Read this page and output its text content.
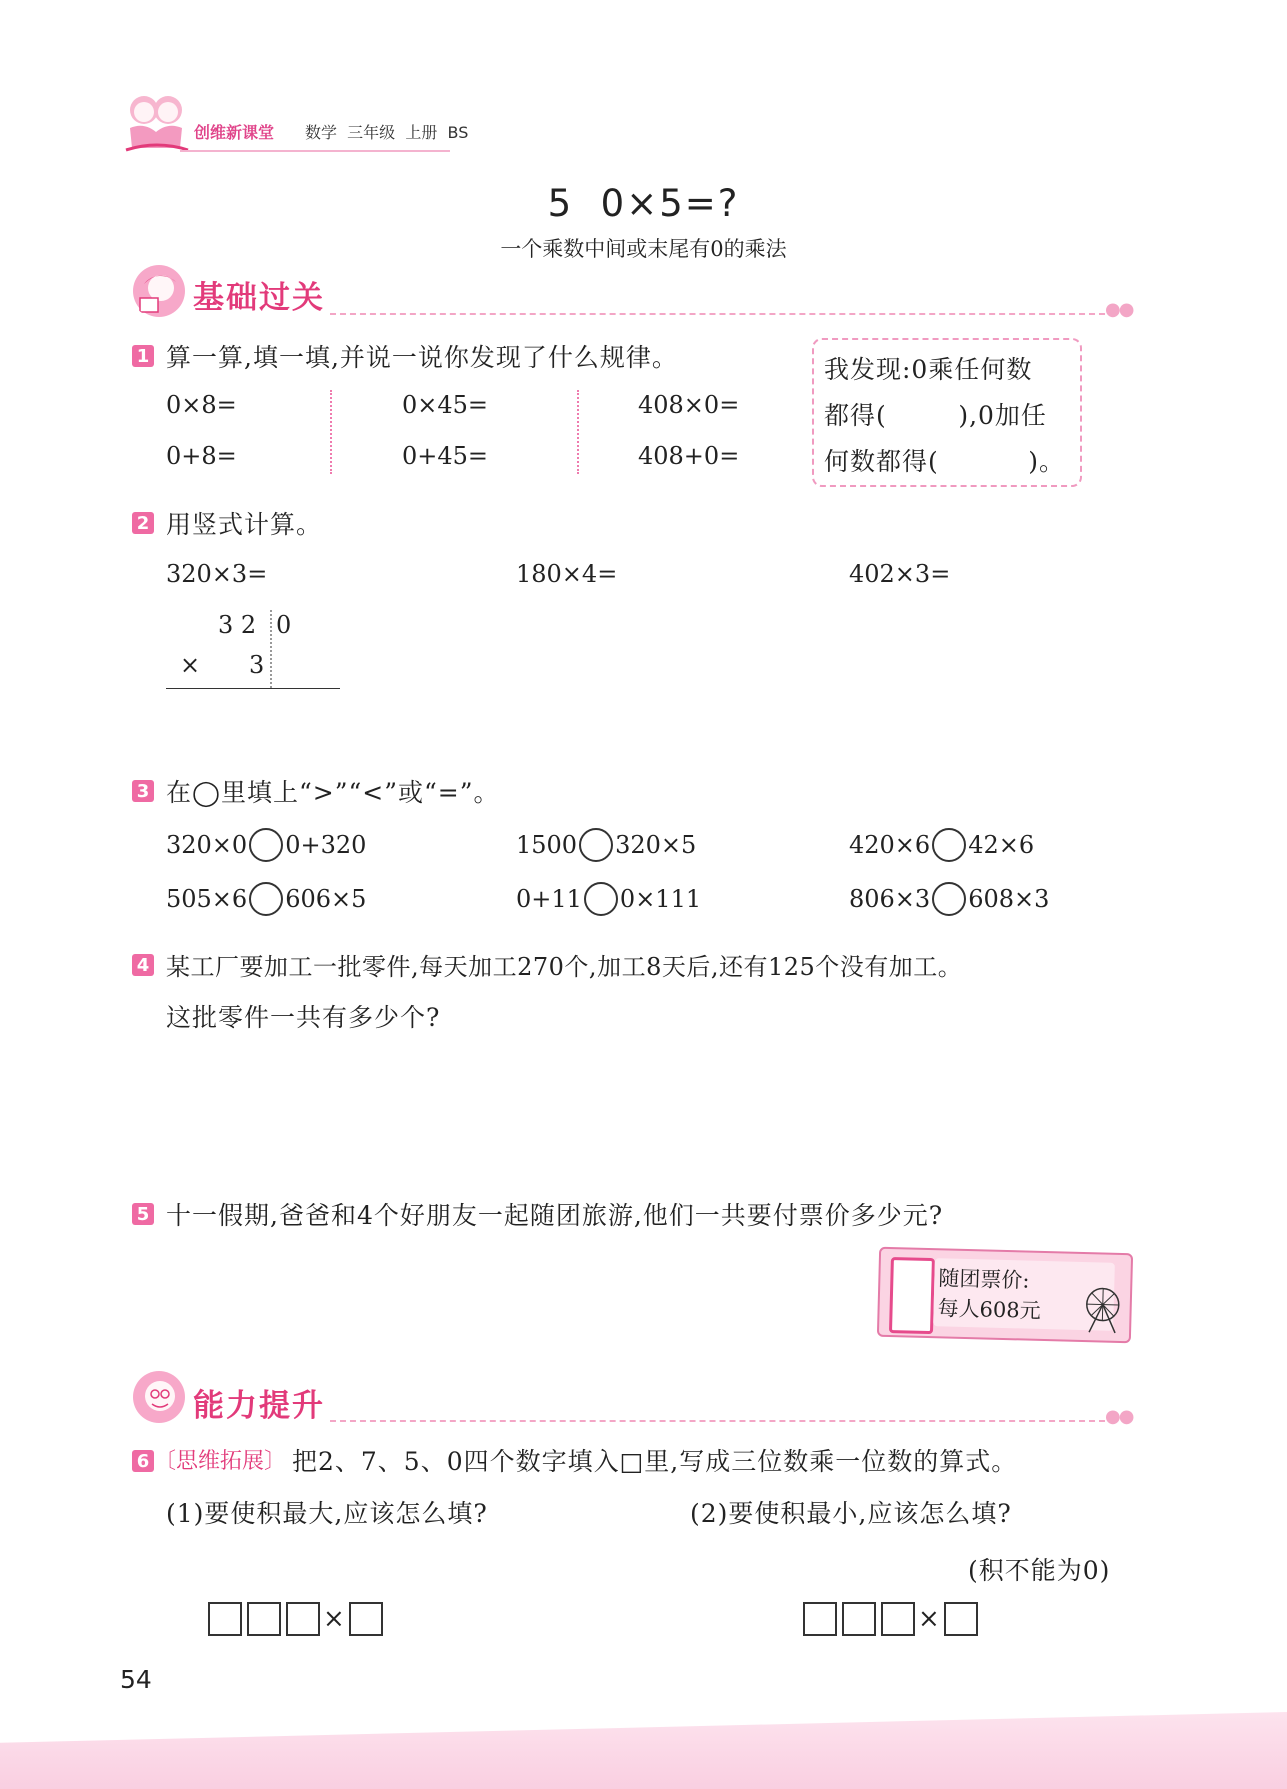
创维新课堂 数学  三年级  上册  BS
5  0×5=?
一个乘数中间或末尾有0的乘法
基础过关	●●
1 算一算,填一填,并说一说你发现了什么规律。
0×8=	0×45=	408×0=
0+8=	0+45=	408+0=
我发现:0乘任何数
都得(        ),0加任
何数都得(          )。
2 用竖式计算。
320×3=	180×4=	402×3=
3 2 0
× 3
3 在◯里填上“>”“<”或“=”。
320×0 0+320	1500 320×5	420×6 42×6
505×6 606×5	0+11 0×111	806×3 608×3
4 某工厂要加工一批零件,每天加工270个,加工8天后,还有125个没有加工。
这批零件一共有多少个?
5 十一假期,爸爸和4个好朋友一起随团旅游,他们一共要付票价多少元?
随团票价:
每人608元
能力提升	●●
6 〔思维拓展〕 把2、7、5、0四个数字填入□里,写成三位数乘一位数的算式。
(1)要使积最大,应该怎么填?	(2)要使积最小,应该怎么填?
(积不能为0)
×	×
54
